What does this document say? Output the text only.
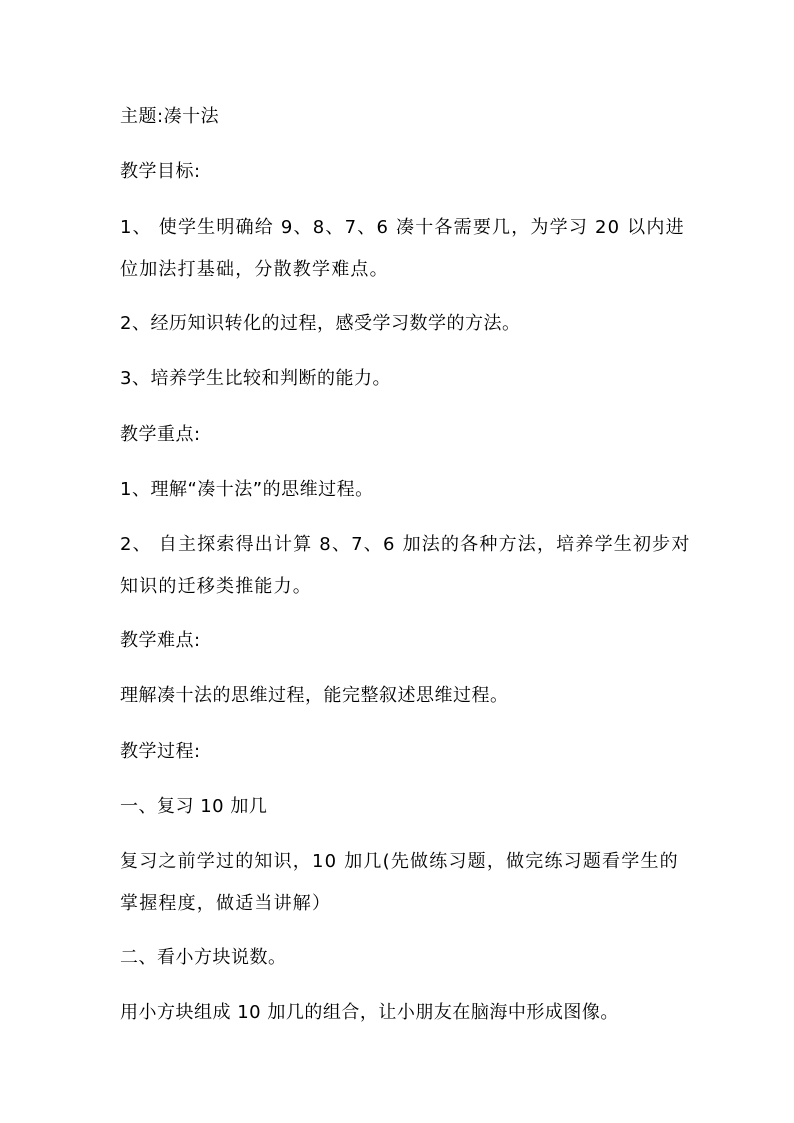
主题:凑十法
教学目标:
1、 使学生明确给 9、8、7、6 凑十各需要几，为学习 20 以内进位加法打基础，分散教学难点。
2、经历知识转化的过程，感受学习数学的方法。
3、培养学生比较和判断的能力。
教学重点:
1、理解“凑十法”的思维过程。
2、 自主探索得出计算 8、7、6 加法的各种方法，培养学生初步对知识的迁移类推能力。
教学难点:
理解凑十法的思维过程，能完整叙述思维过程。
教学过程:
一、复习 10 加几
复习之前学过的知识，10 加几(先做练习题，做完练习题看学生的掌握程度，做适当讲解）
二、看小方块说数。
用小方块组成 10 加几的组合，让小朋友在脑海中形成图像。
